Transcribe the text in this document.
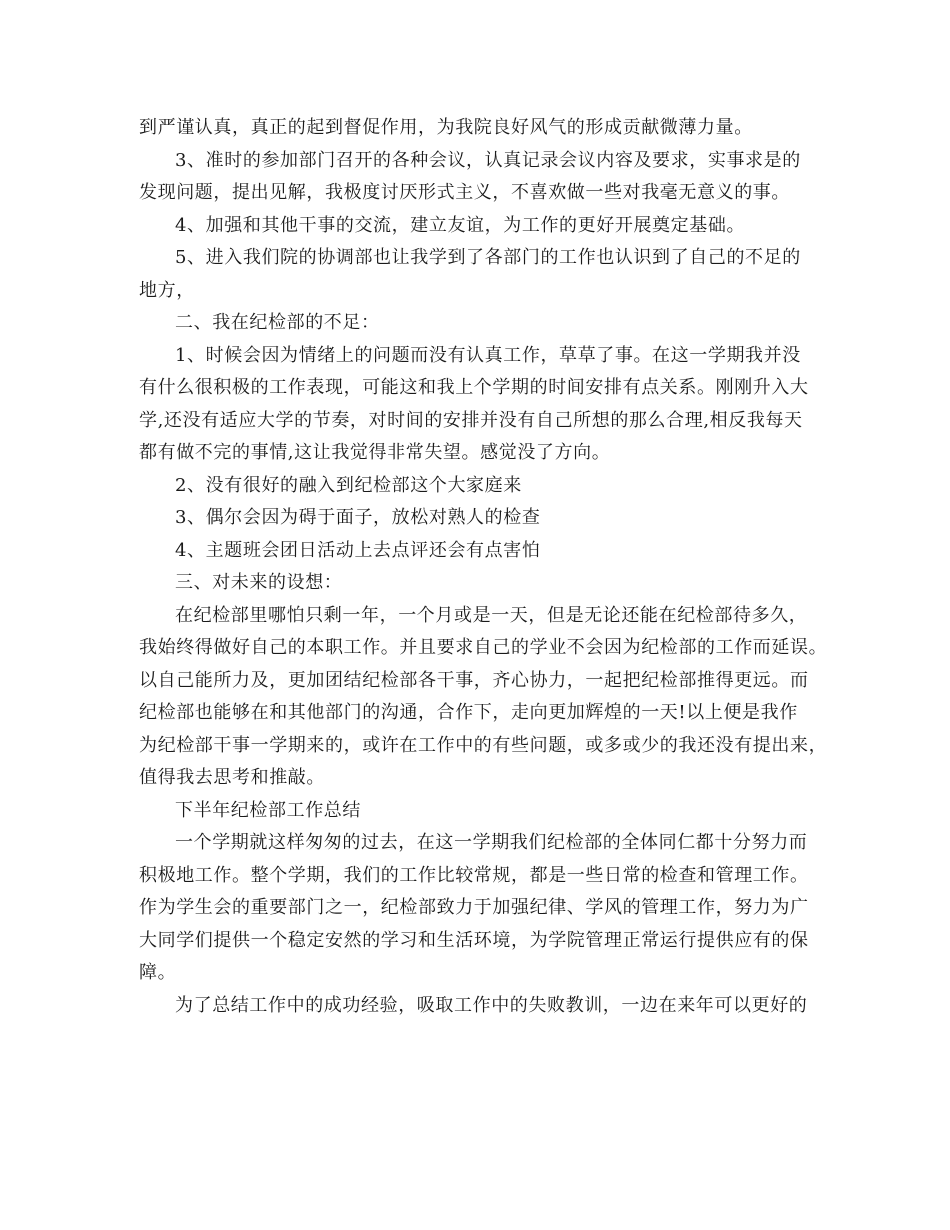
到严谨认真，真正的起到督促作用，为我院良好风气的形成贡献微薄力量。
3、准时的参加部门召开的各种会议，认真记录会议内容及要求，实事求是的
发现问题，提出见解，我极度讨厌形式主义，不喜欢做一些对我毫无意义的事。
4、加强和其他干事的交流，建立友谊，为工作的更好开展奠定基础。
5、进入我们院的协调部也让我学到了各部门的工作也认识到了自己的不足的
地方，
二、我在纪检部的不足：
1、时候会因为情绪上的问题而没有认真工作，草草了事。在这一学期我并没
有什么很积极的工作表现，可能这和我上个学期的时间安排有点关系。刚刚升入大
学,还没有适应大学的节奏，对时间的安排并没有自己所想的那么合理,相反我每天
都有做不完的事情,这让我觉得非常失望。感觉没了方向。
2、没有很好的融入到纪检部这个大家庭来
3、偶尔会因为碍于面子，放松对熟人的检查
4、主题班会团日活动上去点评还会有点害怕
三、对未来的设想：
在纪检部里哪怕只剩一年，一个月或是一天，但是无论还能在纪检部待多久，
我始终得做好自己的本职工作。并且要求自己的学业不会因为纪检部的工作而延误。
以自己能所力及，更加团结纪检部各干事，齐心协力，一起把纪检部推得更远。而
纪检部也能够在和其他部门的沟通，合作下，走向更加辉煌的一天!以上便是我作
为纪检部干事一学期来的，或许在工作中的有些问题，或多或少的我还没有提出来，
值得我去思考和推敲。
下半年纪检部工作总结
一个学期就这样匆匆的过去，在这一学期我们纪检部的全体同仁都十分努力而
积极地工作。整个学期，我们的工作比较常规，都是一些日常的检查和管理工作。
作为学生会的重要部门之一，纪检部致力于加强纪律、学风的管理工作，努力为广
大同学们提供一个稳定安然的学习和生活环境，为学院管理正常运行提供应有的保
障。
为了总结工作中的成功经验，吸取工作中的失败教训，一边在来年可以更好的
